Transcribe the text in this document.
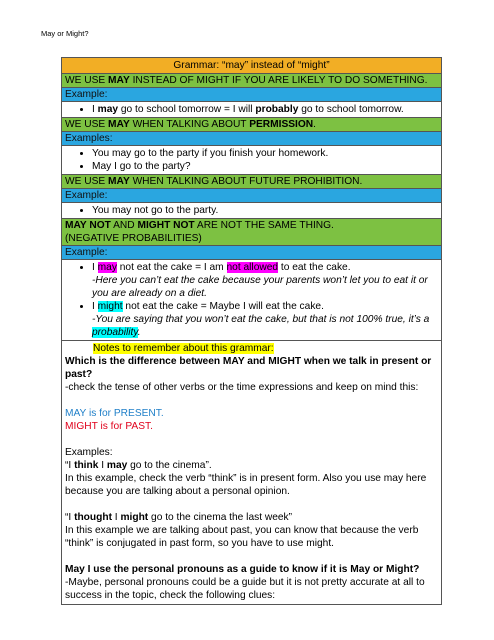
May or Might?
Grammar: “may” instead of “might”
WE USE MAY INSTEAD OF MIGHT IF YOU ARE LIKELY TO DO SOMETHING.
Example:
• I may go to school tomorrow = I will probably go to school tomorrow.
WE USE MAY WHEN TALKING ABOUT PERMISSION.
Examples:
• You may go to the party if you finish your homework.
• May I go to the party?
WE USE MAY WHEN TALKING ABOUT FUTURE PROHIBITION.
Example:
• You may not go to the party.
MAY NOT AND MIGHT NOT ARE NOT THE SAME THING.
(NEGATIVE PROBABILITIES)
Example:
• I may not eat the cake = I am not allowed to eat the cake.
-Here you can’t eat the cake because your parents won’t let you to eat it or you are already on a diet.
• I might not eat the cake = Maybe I will eat the cake.
-You are saying that you won’t eat the cake, but that is not 100% true, it’s a probability.

Notes to remember about this grammar:

Which is the difference between MAY and MIGHT when we talk in present or past?

-check the tense of other verbs or the time expressions and keep on mind this:

MAY is for PRESENT.

MIGHT is for PAST.

Examples:

“I think I may go to the cinema”.

In this example, check the verb “think” is in present form. Also you use may here because you are talking about a personal opinion.

“I thought I might go to the cinema the last week”

In this example we are talking about past, you can know that because the verb “think” is conjugated in past form, so you have to use might.

May I use the personal pronouns as a guide to know if it is May or Might?

-Maybe, personal pronouns could be a guide but it is not pretty accurate at all to success in the topic, check the following clues:
